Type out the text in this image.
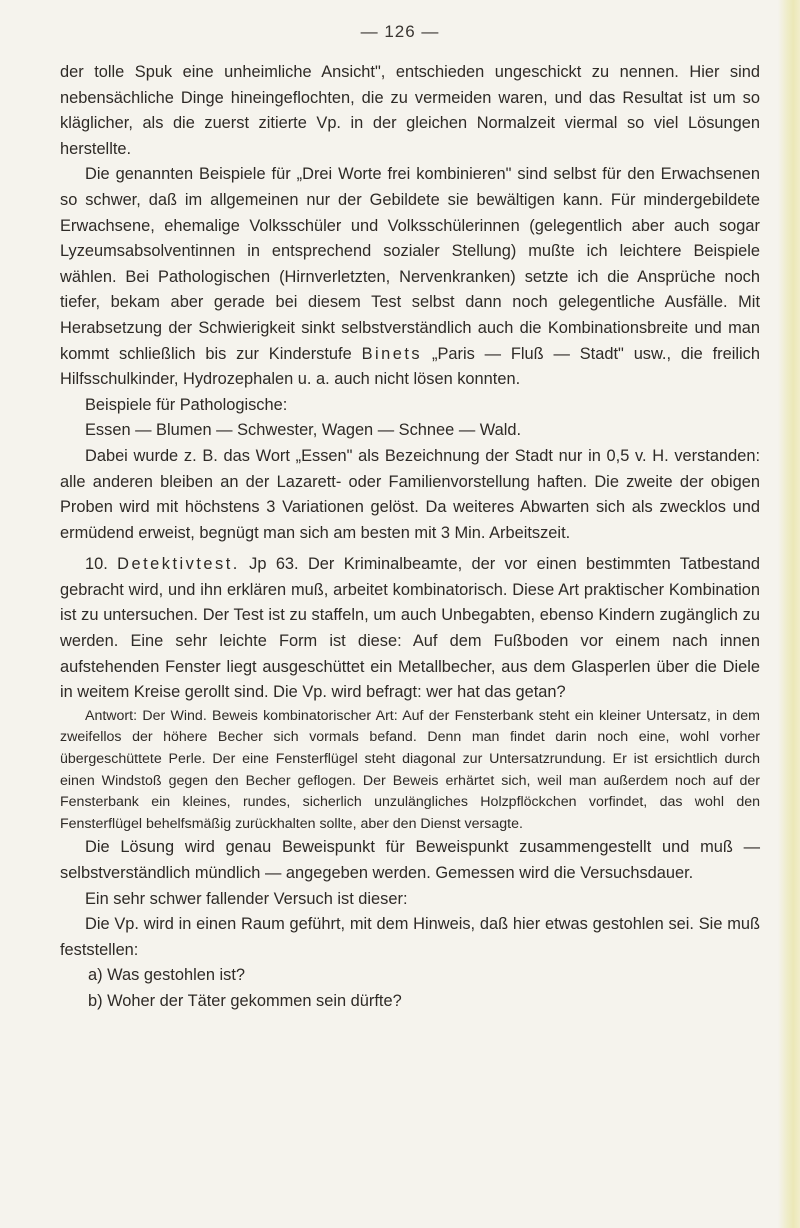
— 126 —

der tolle Spuk eine unheimliche Ansicht", entschieden ungeschickt zu nennen. Hier sind nebensächliche Dinge hineingeflochten, die zu vermeiden waren, und das Resultat ist um so kläglicher, als die zuerst zitierte Vp. in der gleichen Normalzeit viermal so viel Lösungen herstellte.

Die genannten Beispiele für „Drei Worte frei kombinieren" sind selbst für den Erwachsenen so schwer, daß im allgemeinen nur der Gebildete sie bewältigen kann. Für mindergebildete Erwachsene, ehemalige Volksschüler und Volksschülerinnen (gelegentlich aber auch sogar Lyzeumsabsolventinnen in entsprechend sozialer Stellung) mußte ich leichtere Beispiele wählen. Bei Pathologischen (Hirnverletzten, Nervenkranken) setzte ich die Ansprüche noch tiefer, bekam aber gerade bei diesem Test selbst dann noch gelegentliche Ausfälle. Mit Herabsetzung der Schwierigkeit sinkt selbstverständlich auch die Kombinationsbreite und man kommt schließlich bis zur Kinderstufe Binets „Paris — Fluß — Stadt" usw., die freilich Hilfsschulkinder, Hydrozephalen u. a. auch nicht lösen konnten.

Beispiele für Pathologische:

Essen — Blumen — Schwester, Wagen — Schnee — Wald.

Dabei wurde z. B. das Wort „Essen" als Bezeichnung der Stadt nur in 0,5 v. H. verstanden: alle anderen bleiben an der Lazarett- oder Familienvorstellung haften. Die zweite der obigen Proben wird mit höchstens 3 Variationen gelöst. Da weiteres Abwarten sich als zwecklos und ermüdend erweist, begnügt man sich am besten mit 3 Min. Arbeitszeit.

10. Detektivtest. Jp 63. Der Kriminalbeamte, der vor einen bestimmten Tatbestand gebracht wird, und ihn erklären muß, arbeitet kombinatorisch. Diese Art praktischer Kombination ist zu untersuchen. Der Test ist zu staffeln, um auch Unbegabten, ebenso Kindern zugänglich zu werden. Eine sehr leichte Form ist diese: Auf dem Fußboden vor einem nach innen aufstehenden Fenster liegt ausgeschüttet ein Metallbecher, aus dem Glasperlen über die Diele in weitem Kreise gerollt sind. Die Vp. wird befragt: wer hat das getan?

Antwort: Der Wind. Beweis kombinatorischer Art: Auf der Fensterbank steht ein kleiner Untersatz, in dem zweifellos der höhere Becher sich vormals befand. Denn man findet darin noch eine, wohl vorher übergeschüttete Perle. Der eine Fensterflügel steht diagonal zur Untersatzrundung. Er ist ersichtlich durch einen Windstoß gegen den Becher geflogen. Der Beweis erhärtet sich, weil man außerdem noch auf der Fensterbank ein kleines, rundes, sicherlich unzulängliches Holzpflöckchen vorfindet, das wohl den Fensterflügel behelfsmäßig zurückhalten sollte, aber den Dienst versagte.

Die Lösung wird genau Beweispunkt für Beweispunkt zusammengestellt und muß — selbstverständlich mündlich — angegeben werden. Gemessen wird die Versuchsdauer.

Ein sehr schwer fallender Versuch ist dieser:

Die Vp. wird in einen Raum geführt, mit dem Hinweis, daß hier etwas gestohlen sei. Sie muß feststellen:

a) Was gestohlen ist?

b) Woher der Täter gekommen sein dürfte?
